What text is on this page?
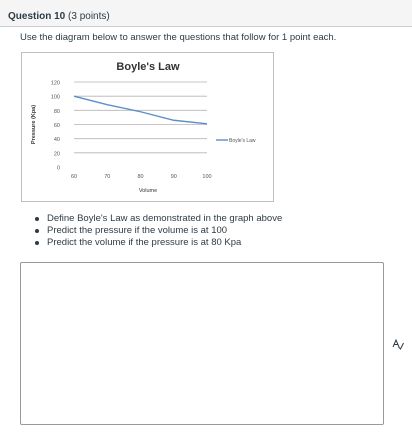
Question 10 (3 points)
Use the diagram below to answer the questions that follow for 1 point each.
Boyle's Law
0
20
40
60
80
100
120
60	70	80	90	100
Volume
Pressure (Kpa)	Boyle's Law
Define Boyle's Law as demonstrated in the graph above
Predict the pressure if the volume is at 100
Predict the volume if the pressure is at 80 Kpa
